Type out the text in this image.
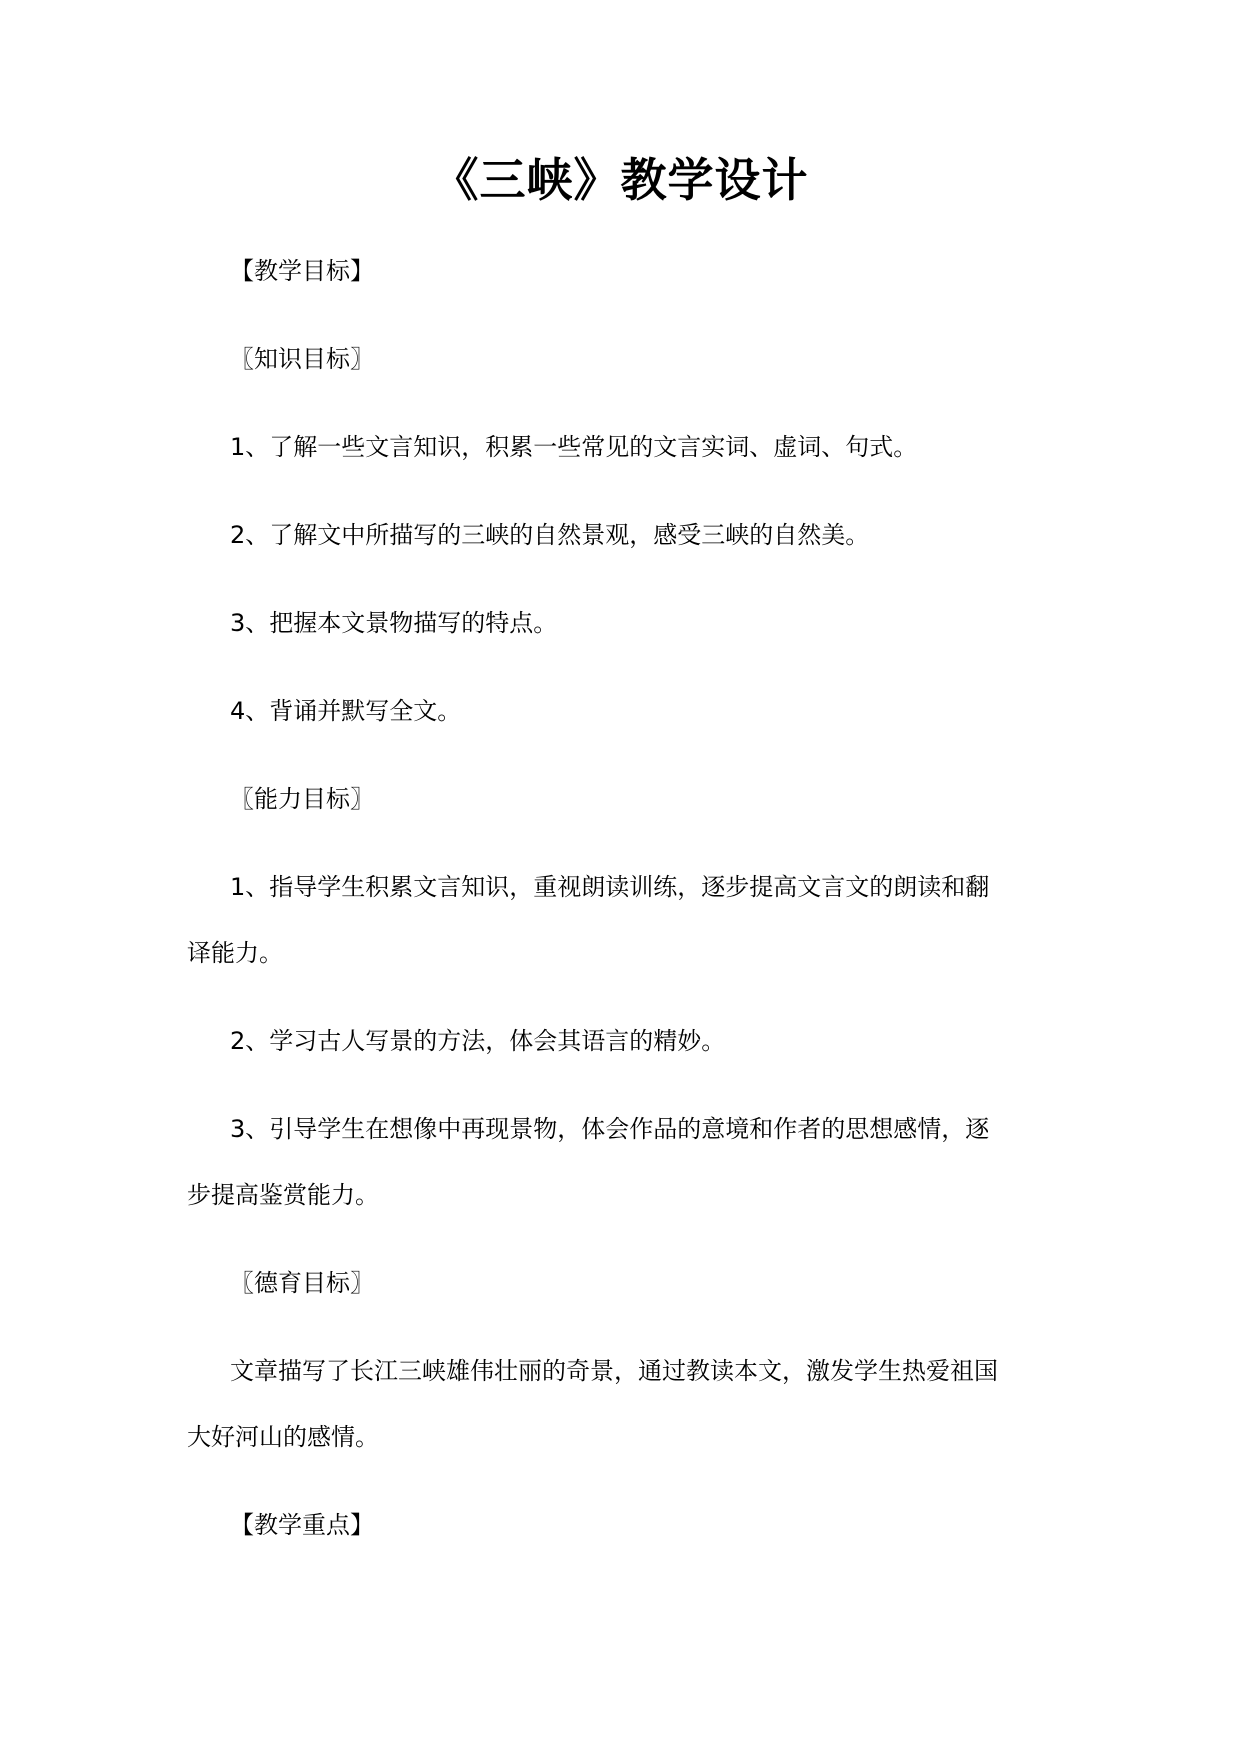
《三峡》教学设计
【教学目标】
〖知识目标〗
1、了解一些文言知识，积累一些常见的文言实词、虚词、句式。
2、了解文中所描写的三峡的自然景观，感受三峡的自然美。
3、把握本文景物描写的特点。
4、背诵并默写全文。
〖能力目标〗
1、指导学生积累文言知识，重视朗读训练，逐步提高文言文的朗读和翻
译能力。
2、学习古人写景的方法，体会其语言的精妙。
3、引导学生在想像中再现景物，体会作品的意境和作者的思想感情，逐
步提高鉴赏能力。
〖德育目标〗
文章描写了长江三峡雄伟壮丽的奇景，通过教读本文，激发学生热爱祖国
大好河山的感情。
【教学重点】
